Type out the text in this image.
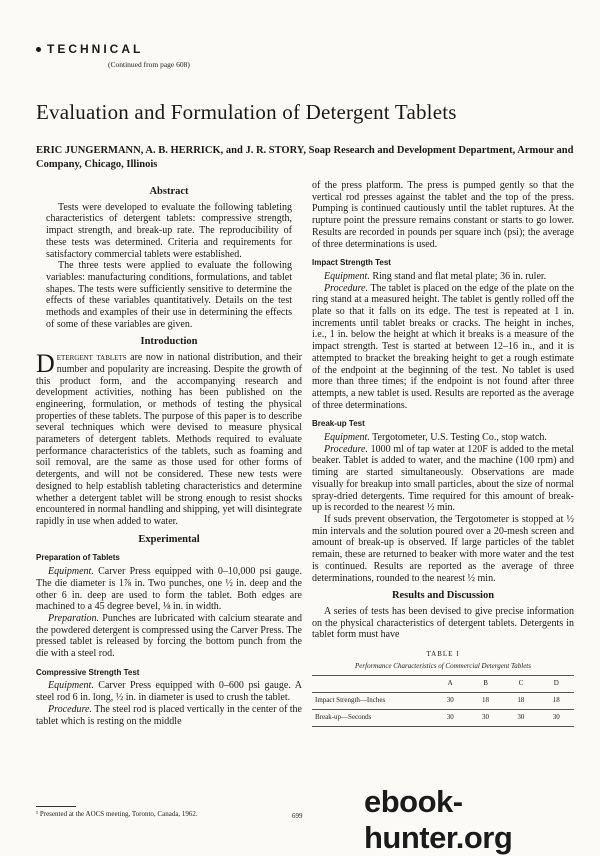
TECHNICAL
(Continued from page 608)
Evaluation and Formulation of Detergent Tablets

ERIC JUNGERMANN, A. B. HERRICK, and J. R. STORY, Soap Research and Development Department, Armour and Company, Chicago, Illinois

Abstract

Tests were developed to evaluate the following tableting characteristics of detergent tablets: compressive strength, impact strength, and break-up rate. The reproducibility of these tests was determined. Criteria and requirements for satisfactory commercial tablets were established.

The three tests were applied to evaluate the following variables: manufacturing conditions, formulations, and tablet shapes. The tests were sufficiently sensitive to determine the effects of these variables quantitatively. Details on the test methods and examples of their use in determining the effects of some of these variables are given.

Introduction

Detergent tablets are now in national distribution, and their number and popularity are increasing. Despite the growth of this product form, and the accompanying research and development activities, nothing has been published on the engineering, formulation, or methods of testing the physical properties of these tablets. The purpose of this paper is to describe several techniques which were devised to measure physical parameters of detergent tablets. Methods required to evaluate performance characteristics of the tablets, such as foaming and soil removal, are the same as those used for other forms of detergents, and will not be considered. These new tests were designed to help establish tableting characteristics and determine whether a detergent tablet will be strong enough to resist shocks encountered in normal handling and shipping, yet will disintegrate rapidly in use when added to water.

Experimental
Preparation of Tablets

Equipment. Carver Press equipped with 0–10,000 psi gauge. The die diameter is 1⅞ in. Two punches, one ½ in. deep and the other 6 in. deep are used to form the tablet. Both edges are machined to a 45 degree bevel, ⅛ in. in width.

Preparation. Punches are lubricated with calcium stearate and the powdered detergent is compressed using the Carver Press. The pressed tablet is released by forcing the bottom punch from the die with a steel rod.

Compressive Strength Test

Equipment. Carver Press equipped with 0–600 psi gauge. A steel rod 6 in. long, ½ in. in diameter is used to crush the tablet.

Procedure. The steel rod is placed vertically in the center of the tablet which is resting on the middle

of the press platform. The press is pumped gently so that the vertical rod presses against the tablet and the top of the press. Pumping is continued cautiously until the tablet ruptures. At the rupture point the pressure remains constant or starts to go lower. Results are recorded in pounds per square inch (psi); the average of three determinations is used.

Impact Strength Test

Equipment. Ring stand and flat metal plate; 36 in. ruler.

Procedure. The tablet is placed on the edge of the plate on the ring stand at a measured height. The tablet is gently rolled off the plate so that it falls on its edge. The test is repeated at 1 in. increments until tablet breaks or cracks. The height in inches, i.e., 1 in. below the height at which it breaks is a measure of the impact strength. Test is started at between 12–16 in., and it is attempted to bracket the breaking height to get a rough estimate of the endpoint at the beginning of the test. No tablet is used more than three times; if the endpoint is not found after three attempts, a new tablet is used. Results are reported as the average of three determinations.

Break-up Test

Equipment. Tergotometer, U.S. Testing Co., stop watch.

Procedure. 1000 ml of tap water at 120F is added to the metal beaker. Tablet is added to water, and the machine (100 rpm) and timing are started simultaneously. Observations are made visually for breakup into small particles, about the size of normal spray-dried detergents. Time required for this amount of break-up is recorded to the nearest ½ min.

If suds prevent observation, the Tergotometer is stopped at ½ min intervals and the solution poured over a 20-mesh screen and amount of break-up is observed. If large particles of the tablet remain, these are returned to beaker with more water and the test is continued. Results are reported as the average of three determinations, rounded to the nearest ½ min.

Results and Discussion

A series of tests has been devised to give precise information on the physical characteristics of detergent tablets. Detergents in tablet form must have

TABLE I
Performance Characteristics of Commercial Detergent Tablets
	A	B	C	D
Impact Strength—Inches	30	18	18	18
Break-up—Seconds	30	30	30	30
¹ Presented at the AOCS meeting, Toronto, Canada, 1962.	699 ebook-hunter.org
